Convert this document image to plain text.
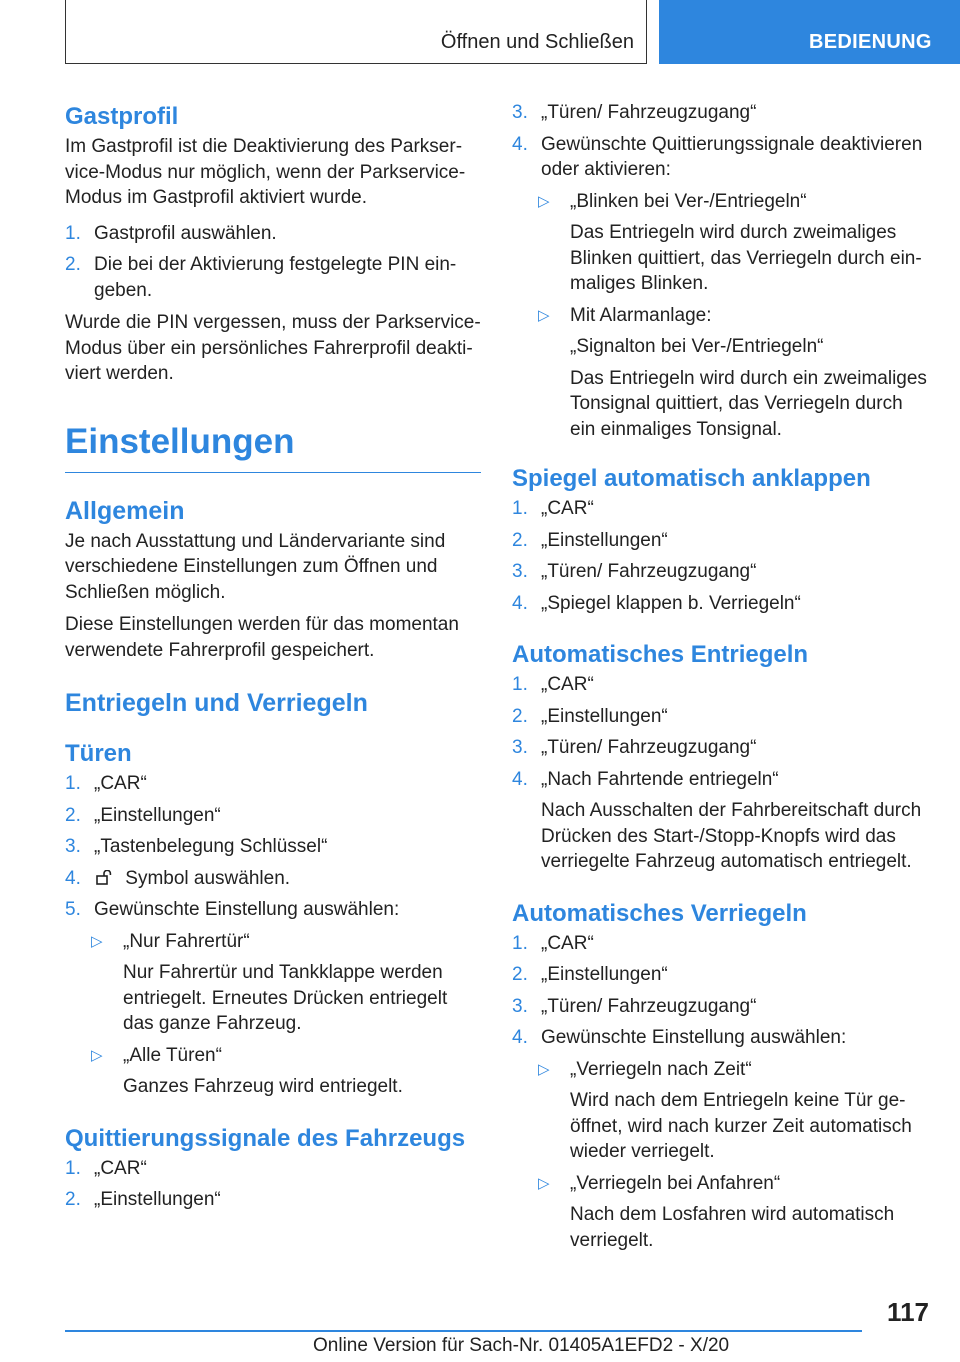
Öffnen und Schließen	BEDIENUNG
Gastprofil

Im Gastprofil ist die Deaktivierung des Parkser-vice-Modus nur möglich, wenn der Parkservice-Modus im Gastprofil aktiviert wurde.

1. Gastprofil auswählen.
2. Die bei der Aktivierung festgelegte PIN ein-geben.

Wurde die PIN vergessen, muss der Parkservice-Modus über ein persönliches Fahrerprofil deakti-viert werden.

Einstellungen
Allgemein

Je nach Ausstattung und Ländervariante sind verschiedene Einstellungen zum Öffnen und Schließen möglich.

Diese Einstellungen werden für das momentan verwendete Fahrerprofil gespeichert.

Entriegeln und Verriegeln
Türen
1. „CAR“
2. „Einstellungen“
3. „Tastenbelegung Schlüssel“
4. Symbol auswählen.
5. Gewünschte Einstellung auswählen:
▷ „Nur Fahrertür“
Nur Fahrertür und Tankklappe werden entriegelt. Erneutes Drücken entriegelt das ganze Fahrzeug.
▷ „Alle Türen“
Ganzes Fahrzeug wird entriegelt.
Quittierungssignale des Fahrzeugs
1. „CAR“
2. „Einstellungen“
3. „Türen/ Fahrzeugzugang“
4. Gewünschte Quittierungssignale deaktivieren oder aktivieren:
▷ „Blinken bei Ver-/Entriegeln“
Das Entriegeln wird durch zweimaliges Blinken quittiert, das Verriegeln durch ein-maliges Blinken.
▷ Mit Alarmanlage:
„Signalton bei Ver-/Entriegeln“
Das Entriegeln wird durch ein zweimaliges Tonsignal quittiert, das Verriegeln durch ein einmaliges Tonsignal.
Spiegel automatisch anklappen
1. „CAR“
2. „Einstellungen“
3. „Türen/ Fahrzeugzugang“
4. „Spiegel klappen b. Verriegeln“
Automatisches Entriegeln
1. „CAR“
2. „Einstellungen“
3. „Türen/ Fahrzeugzugang“
4. „Nach Fahrtende entriegeln“
Nach Ausschalten der Fahrbereitschaft durch Drücken des Start-/Stopp-Knopfs wird das verriegelte Fahrzeug automatisch entriegelt.
Automatisches Verriegeln
1. „CAR“
2. „Einstellungen“
3. „Türen/ Fahrzeugzugang“
4. Gewünschte Einstellung auswählen:
▷ „Verriegeln nach Zeit“
Wird nach dem Entriegeln keine Tür ge-öffnet, wird nach kurzer Zeit automatisch wieder verriegelt.
▷ „Verriegeln bei Anfahren“
Nach dem Losfahren wird automatisch verriegelt.
117
Online Version für Sach-Nr. 01405A1EFD2 - X/20
